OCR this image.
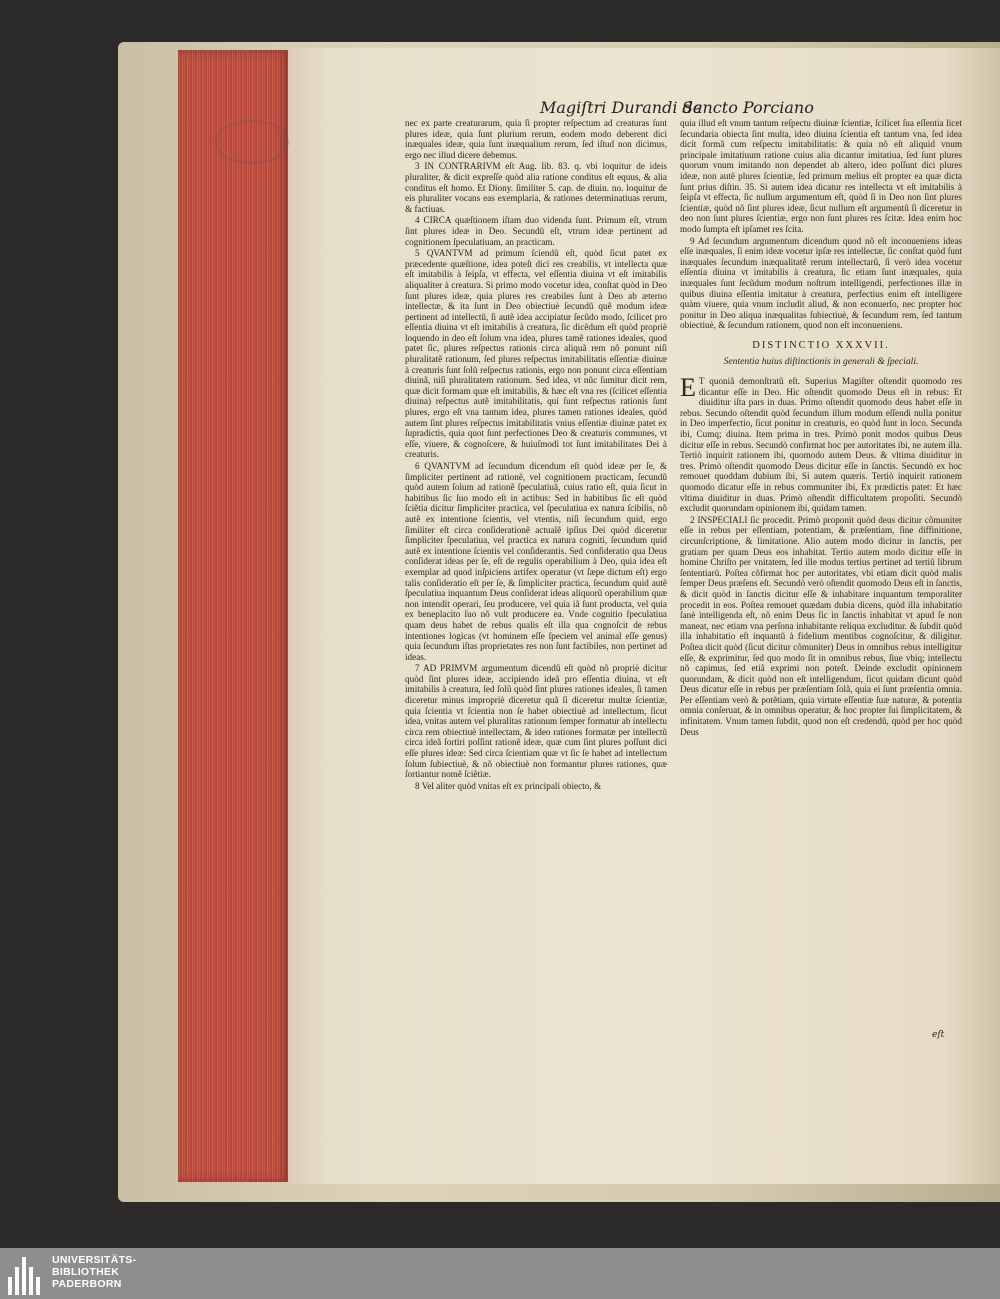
Magiſtri Durandi de
Sancto Porciano

nec ex parte creaturarum, quia ſi propter reſpectum ad creaturas ſunt plures ideæ, quia ſunt plurium rerum, eodem modo deberent dici inæquales ideæ, quia ſunt inæqualium rerum, ſed iſtud non dicimus, ergo nec illud dicere debemus.

3 IN CONTRARIVM eſt Aug. lib. 83. q. vbi loquitur de ideis pluraliter, & dicit expreſſe quòd alia ratione conditus eſt equus, & alia conditus eſt homo. Et Diony. ſimiliter 5. cap. de diuin. no. loquitur de eis pluraliter vocans eas exemplaria, & rationes determinatiuas rerum, & factiuas.

4 CIRCA quæſtionem iſtam duo videnda ſunt. Primum eſt, vtrum ſint plures ideæ in Deo. Secundũ eſt, vtrum ideæ pertinent ad cognitionem ſpeculatiuam, an practicam.

5 QVANTVM ad primum ſciendũ eſt, quòd ſicut patet ex præcedente quæſtione, idea poteſt dici res creabilis, vt intellecta quæ eſt imitabilis à ſeipſa, vt effecta, vel eſſentia diuina vt eſt imitabilis aliqualiter à creatura. Si primo modo vocetur idea, conſtat quòd in Deo ſunt plures ideæ, quia plures res creabiles ſunt à Deo ab æterno intellectæ, & ita ſunt in Deo obiectiuè ſecundũ quẽ modum ideæ pertinent ad intellectũ, ſi autẽ idea accipiatur ſecũdo modo, ſcilicet pro eſſentia diuina vt eſt imitabilis à creatura, ſic dicẽdum eſt quòd propriè loquendo in deo eſt ſolum vna idea, plures tamẽ rationes ideales, quod patet ſic, plures reſpectus rationis circa aliquã rem nõ ponunt niſi pluralitatẽ rationum, ſed plures reſpectus imitabilitatis eſſentiæ diuinæ à creaturis ſunt ſolũ reſpectus rationis, ergo non ponunt circa eſſentiam diuinã, niſi pluralitatem rationum. Sed idea, vt nũc ſumitur dicit rem, quæ dicit formam quæ eſt imitabilis, & hæc eſt vna res (ſcilicet eſſentia diuina) reſpectus autẽ imitabilitatis, qui ſunt reſpectus rationis ſunt plures, ergo eſt vna tantum idea, plures tamen rationes ideales, quòd autem ſint plures reſpectus imitabilitatis vnius eſſentiæ diuinæ patet ex ſupradictis, quia quot ſunt perfectiones Deo & creaturis communes, vt eſſe, viuere, & cognoſcere, & huiuſmodi tot ſunt imitabilitates Dei à creaturis.

6 QVANTVM ad ſecundum dicendum eſt quòd ideæ per ſe, & ſimpliciter pertinent ad rationẽ, vel cognitionem practicam, ſecundũ quòd autem ſolum ad rationẽ ſpeculatiuã, cuius ratio eſt, quia ſicut in habitibus ſic ſuo modo eſt in actibus: Sed in habitibus ſic eſt quòd ſciẽtia dicitur ſimpliciter practica, vel ſpeculatiua ex natura ſcibilis, nõ autẽ ex intentione ſcientis, vel vtentis, niſi ſecundum quid, ergo ſimiliter eſt circa conſiderationẽ actualẽ ipſius Dei quòd diceretur ſimpliciter ſpeculatiua, vel practica ex natura cogniti, ſecundum quid autẽ ex intentione ſcientis vel conſiderantis. Sed conſideratio qua Deus conſiderat ideas per ſe, eſt de regulis operabilium à Deo, quia idea eſt exemplar ad quod inſpiciens artifex operatur (vt ſæpe dictum eſt) ergo talis conſideratio eſt per ſe, & ſimpliciter practica, ſecundum quid autẽ ſpeculatiua inquantum Deus conſiderat ideas aliquorũ operabilium quæ non intendit operari, ſeu producere, vel quia iã ſunt producta, vel quia ex beneplacito ſuo nõ vult producere ea. Vnde cognitio ſpeculatiua quam deus habet de rebus qualis eſt illa qua cognoſcit de rebus intentiones logicas (vt hominem eſſe ſpeciem vel animal eſſe genus) quia ſecundum iſtas proprietates res non ſunt factibiles, non pertinet ad ideas.

7 AD PRIMVM argumentum dicendũ eſt quòd nõ propriè dicitur quòd ſint plures ideæ, accipiendo ideã pro eſſentia diuina, vt eſt imitabilis à creatura, ſed ſolũ quòd ſint plures rationes ideales, ſi tamen diceretur minus impropriè diceretur quã ſi diceretur multæ ſcientiæ, quia ſcientia vt ſcientia non ſe habet obiectiuè ad intellectum, ſicut idea, vnitas autem vel pluralitas rationum ſemper formatur ab intellectu circa rem obiectiuè intellectam, & ideo rationes formatæ per intellectũ circa ideã ſortiri poſſint rationẽ ideæ, quæ cum ſint plures poſſunt dici eſſe plures ideæ: Sed circa ſcientiam quæ vt ſic ſe habet ad intellectum ſolum ſubiectiuè, & nõ obiectiuè non formantur plures rationes, quæ ſortiantur nomẽ ſciẽtiæ.

8 Vel aliter quòd vnitas eſt ex principali obiecto, &

quia illud eſt vnum tantum reſpectu diuinæ ſcientiæ, ſcilicet ſua eſſentia licet ſecundaria obiecta ſint multa, ideo diuina ſcientia eſt tantum vna, ſed idea dicit formã cum reſpectu imitabilitatis: & quia nõ eſt aliquid vnum principale imitatiuum ratione cuius alia dicantur imitatiua, ſed ſunt plures quorum vnum imitando non dependet ab altero, ideo poſſunt dici plures ideæ, non autẽ plures ſcientiæ, ſed primum melius eſt propter ea quæ dicta ſunt prius diſtin. 35. Si autem idea dicatur res intellecta vt eſt imitabilis à ſeipſa vt effecta, ſic nullum argumentum eſt, quòd ſi in Deo non ſint plures ſcientiæ, quòd nõ ſint plures ideæ, ſicut nullum eſt argumentũ ſi diceretur in deo non ſunt plures ſcientiæ, ergo non ſunt plures res ſcitæ. Idea enim hoc modo ſumpta eſt ipſamet res ſcita.

9 Ad ſecundum argumentum dicendum quod nõ eſt inconueniens ideas eſſe inæquales, ſi enim ideæ vocetur ipſæ res intellectæ, ſic conſtat quòd ſunt inæquales ſecundum inæqualitatẽ rerum intellectarũ, ſi verò idea vocetur eſſentia diuina vt imitabilis à creatura, ſic etiam ſunt inæquales, quia inæquales ſunt ſecũdum modum noſtrum intelligendi, perfectiones illæ in quibus diuina eſſentia imitatur à creatura, perfectius enim eſt intelligere quàm viuere, quia vnum includit aliud, & non econuerſo, nec propter hoc ponitur in Deo aliqua inæqualitas ſubiectiuè, & ſecundum rem, ſed tantum obiectiuè, & ſecundum rationem, quod non eſt inconueniens.

DISTINCTIO XXXVII.
Sententia huius diſtinctionis in generali & ſpeciali.

E T quoniã demonſtratũ eſt. Superius Magiſter oſtendit quomodo res dicantur eſſe in Deo. Hic oſtendit quomodo Deus eſt in rebus: Et diuiditur iſta pars in duas. Primo oſtendit quomodo deus habet eſſe in rebus. Secundo oſtendit quòd ſecundum illum modum eſſendi nulla ponitur in Deo imperfectio, ſicut ponitur in creaturis, eo quòd ſunt in loco. Secunda ibi, Cumq; diuina. Item prima in tres. Primò ponit modos quibus Deus dicitur eſſe in rebus. Secundò confirmat hoc per autoritates ibi, ne autem illa. Tertiò inquirit rationem ibi, quomodo autem Deus. & vltima diuiditur in tres. Primò oſtendit quomodo Deus dicitur eſſe in ſanctis. Secundò ex hoc remouet quoddam dubium ibi, Si autem quæris. Tertiò inquirit rationem quomodo dicatur eſſe in rebus communiter ibi, Ex prædictis patet: Et hæc vltima diuiditur in duas. Primò oſtendit difficultatem propoſiti. Secundò excludit quorundam opinionem ibi, quidam tamen.

2 INSPECIALI ſic procedit. Primò proponit quòd deus dicitur cõmuniter eſſe in rebus per eſſentiam, potentiam, & præſentiam, ſine diffinitione, circunſcriptione, & limitatione. Alio autem modo dicitur in ſanctis, per gratiam per quam Deus eos inhabitat. Tertio autem modo dicitur eſſe in homine Chriſto per vnitatem, ſed ille modus tertius pertinet ad tertiũ librum ſententiarũ. Poſtea cõfirmat hoc per autoritates, vbi etiam dicit quòd malis ſemper Deus præſens eſt. Secundò verò oſtendit quomodo Deus eſt in ſanctis, & dicit quòd in ſanctis dicitur eſſe & inhabitare inquantum temporaliter procedit in eos. Poſtea remouet quædam dubia dicens, quòd illa inhabitatio ſanè intelligenda eſt, nõ enim Deus ſic in ſanctis inhabitat vt apud ſe non maneat, nec etiam vna perſona inhabitante reliqua excluditur. & ſubdit quòd illa inhabitatio eſt inquantũ à fidelium mentibus cognoſcitur, & diligitur. Poſtea dicit quòd (ſicut dicitur cõmuniter) Deus in omnibus rebus intelligitur eſſe, & exprimitur, ſed quo modo ſit in omnibus rebus, ſiue vbiq; intellectu nõ capimus, ſed etiã exprimi non poteſt. Deinde excludit opinionem quorundam, & dicit quòd non eſt intelligendum, ſicut quidam dicunt quòd Deus dicatur eſſe in rebus per præſentiam ſolã, quia ei ſunt præſentia omnia. Per eſſentiam verò & potẽtiam, quia virtute eſſentiæ ſuæ naturæ, & potentia omnia conſeruat, & in omnibus operatur, & hoc propter ſui ſimplicitatem, & infinitatem. Vnum tamen ſubdit, quod non eſt credendũ, quòd per hoc quòd Deus

eſt
UNIVERSITÄTS-
BIBLIOTHEK
PADERBORN
